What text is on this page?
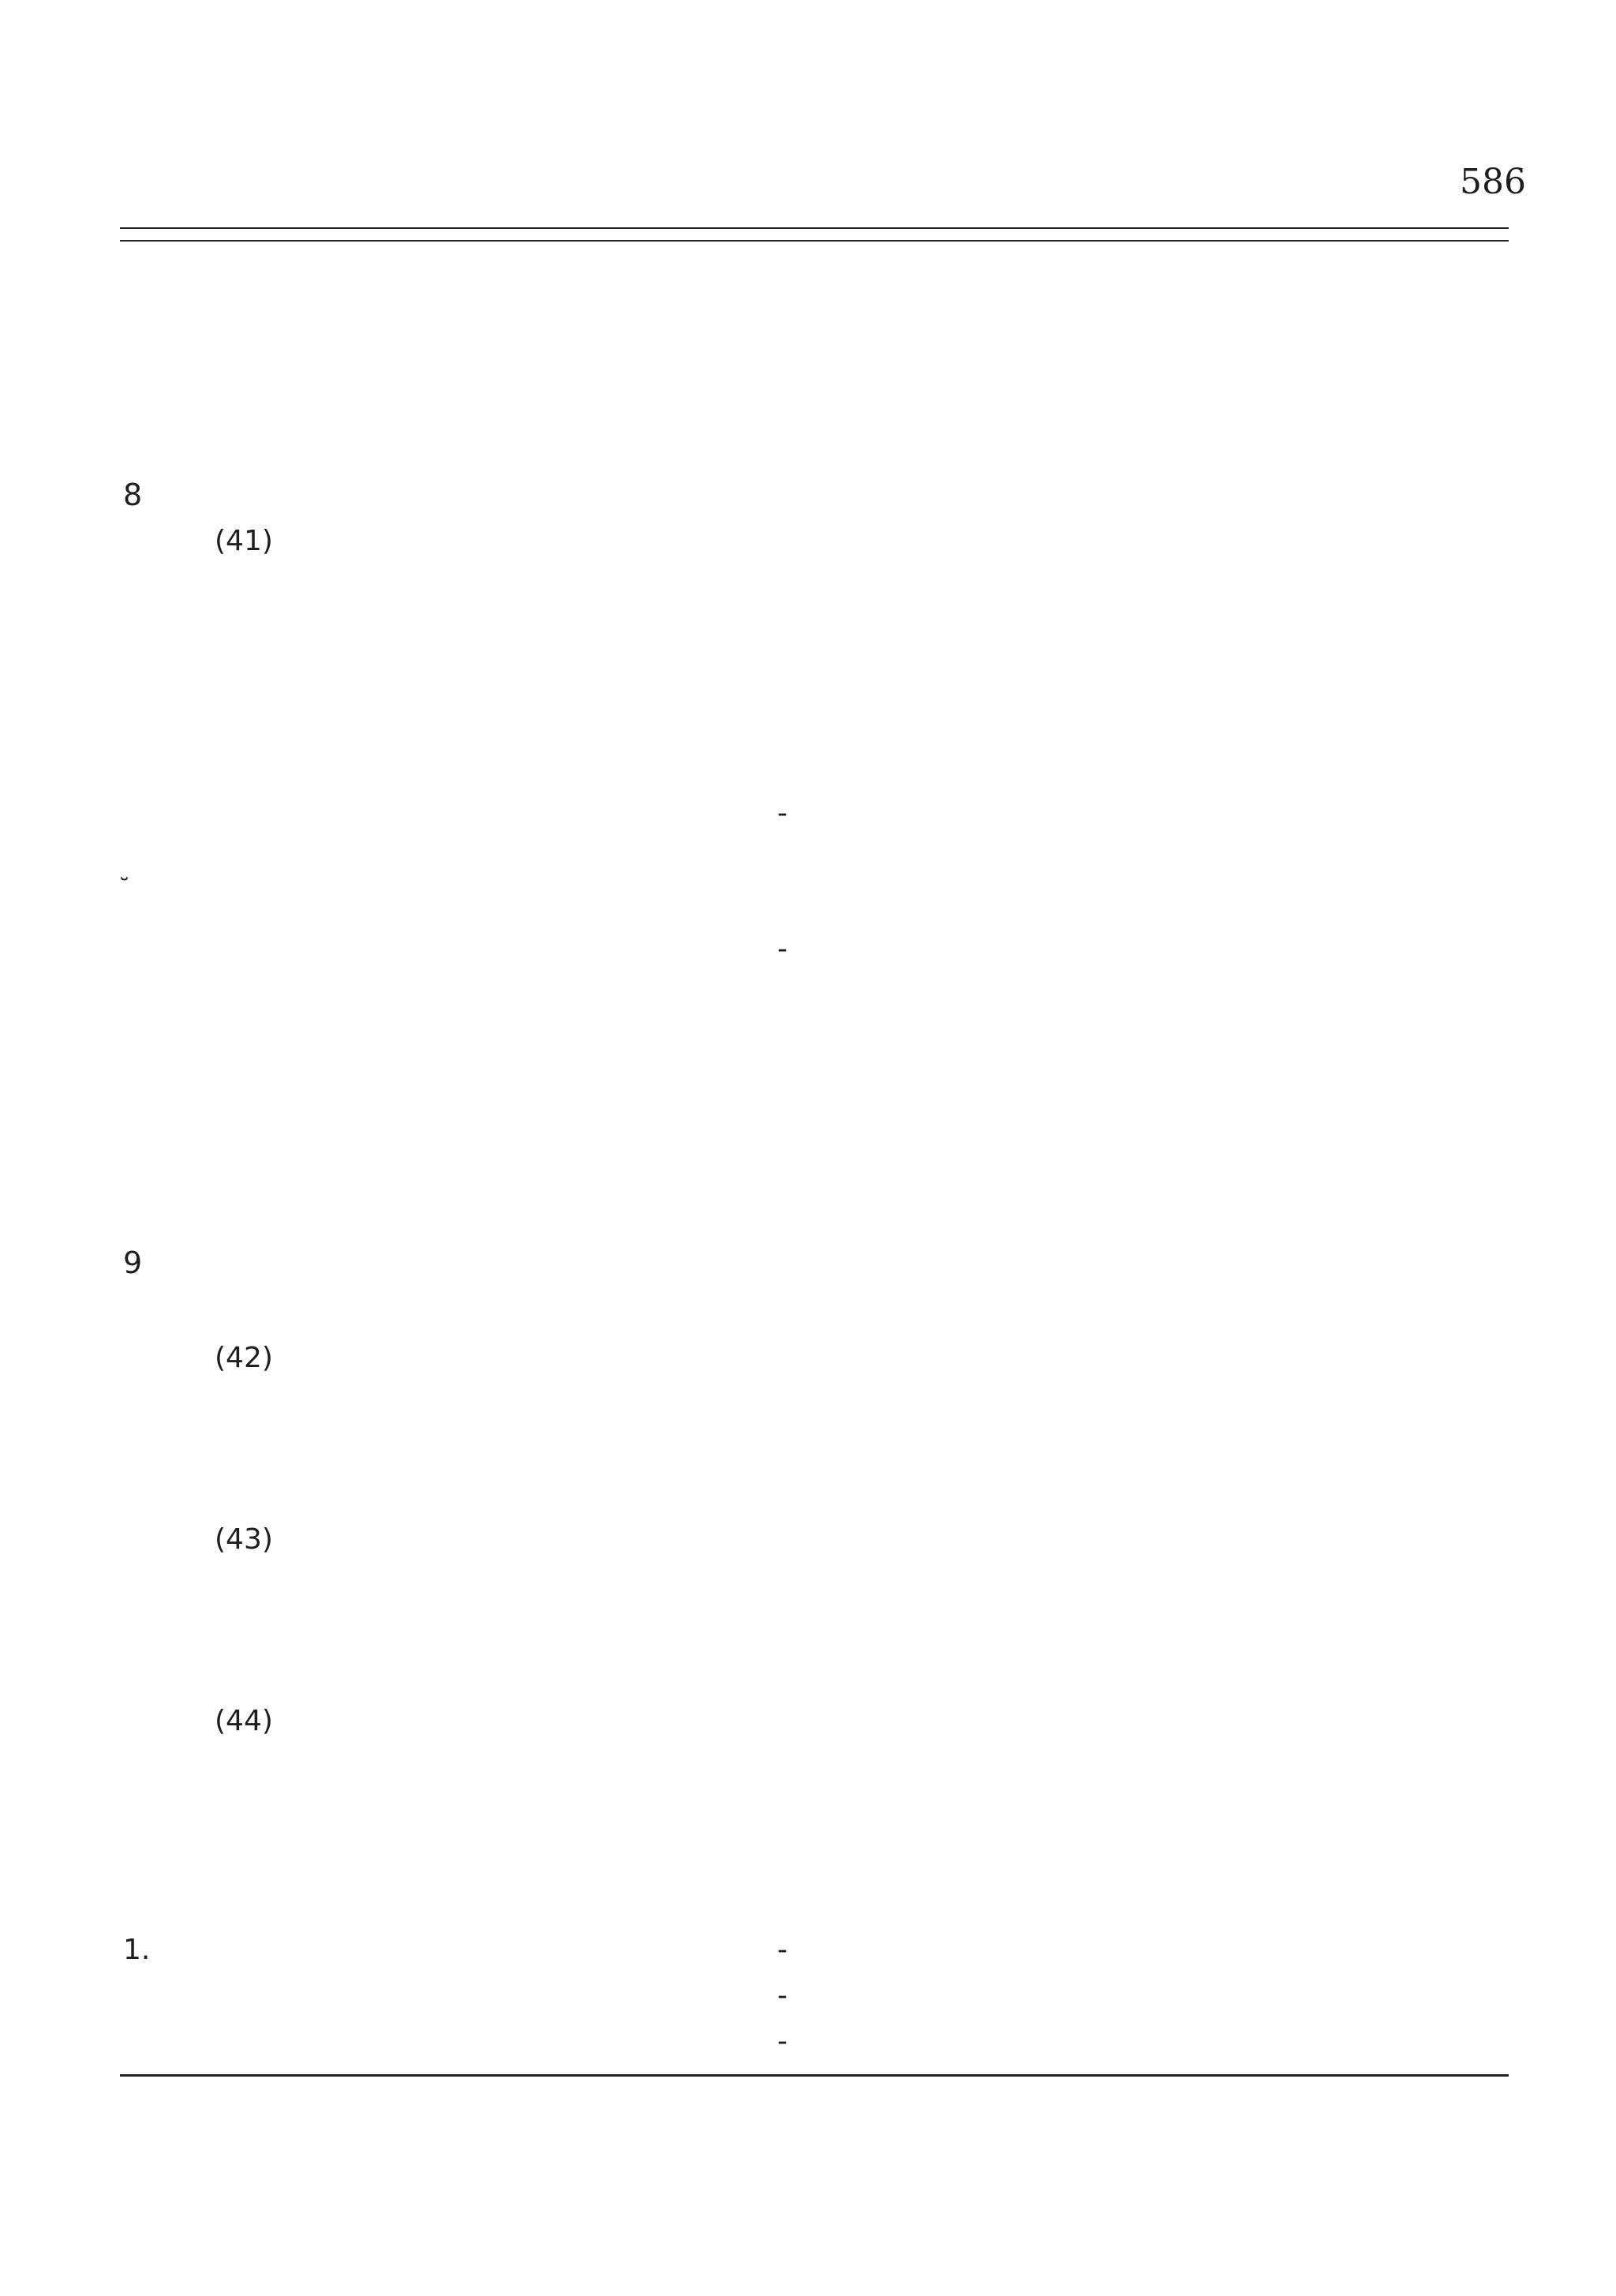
586
8
(41)
-
˘
-
9
(42)
(43)
(44)
1.	-
-
-
